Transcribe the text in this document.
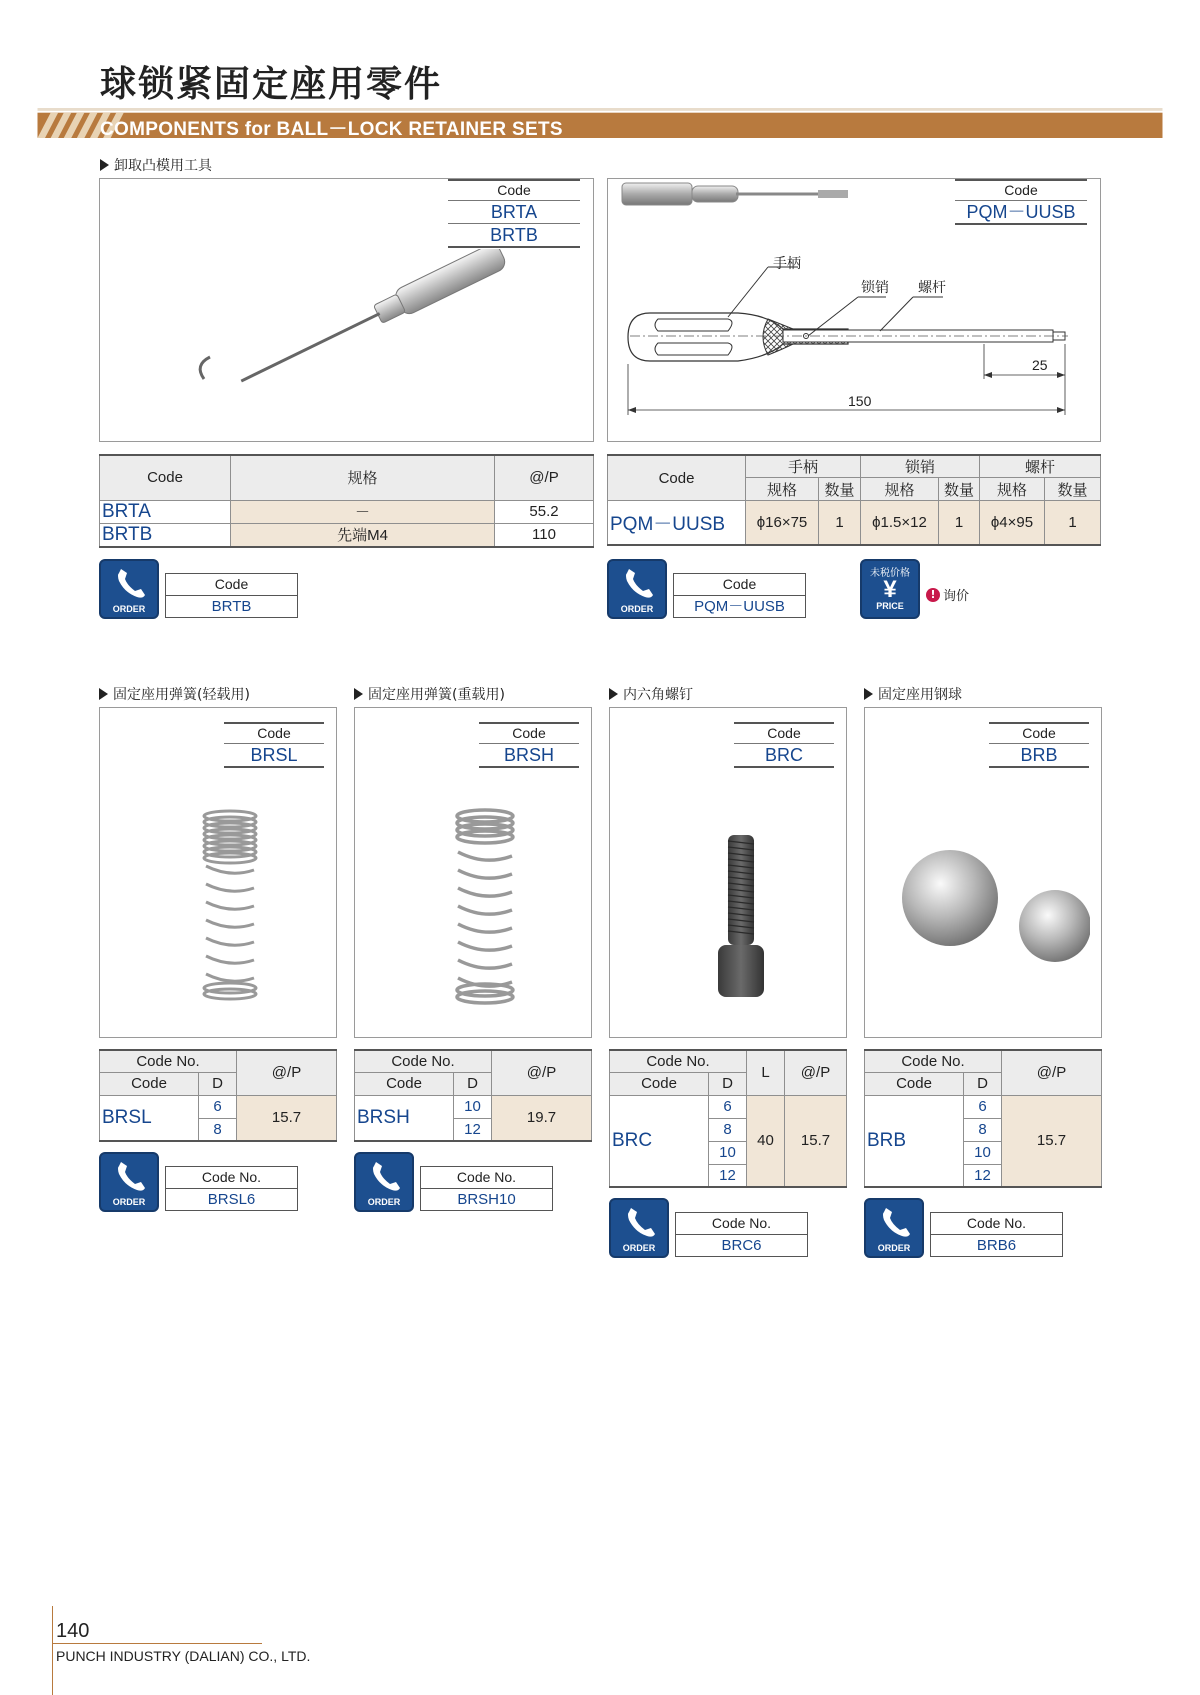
球锁紧固定座用零件
COMPONENTS for BALL－LOCK RETAINER SETS
卸取凸模用工具
Code
BRTA
BRTB
Code	规格	@/P
BRTA	－	55.2
BRTB	先端M4	110
ORDER
Code
BRTB
Code
PQM－UUSB
手柄
锁销 螺杆
25
150
Code	手柄		锁销		螺杆	
	规格	数量	规格	数量	规格	数量
PQM－UUSB	ϕ16×75	1	ϕ1.5×12	1	ϕ4×95	1
ORDER
Code
PQM－UUSB
未税价格
¥
PRICE
! 询价
固定座用弹簧(轻载用)
Code
BRSL
Code No.		@/P
Code	D	
BRSL	6	15.7
	8	
ORDER
Code No.
BRSL6
固定座用弹簧(重载用)
Code
BRSH
Code No.		@/P
Code	D	
BRSH	10	19.7
	12	
ORDER
Code No.
BRSH10
内六角螺钉
Code
BRC
Code No.		L	@/P
Code	D		
BRC	6	40	15.7
	8		
	10		
	12		
ORDER
Code No.
BRC6
固定座用钢球
Code
BRB
Code No.		@/P
Code	D	
BRB	6	15.7
	8	
	10	
	12	
ORDER
Code No.
BRB6
140
PUNCH INDUSTRY (DALIAN) CO., LTD.
